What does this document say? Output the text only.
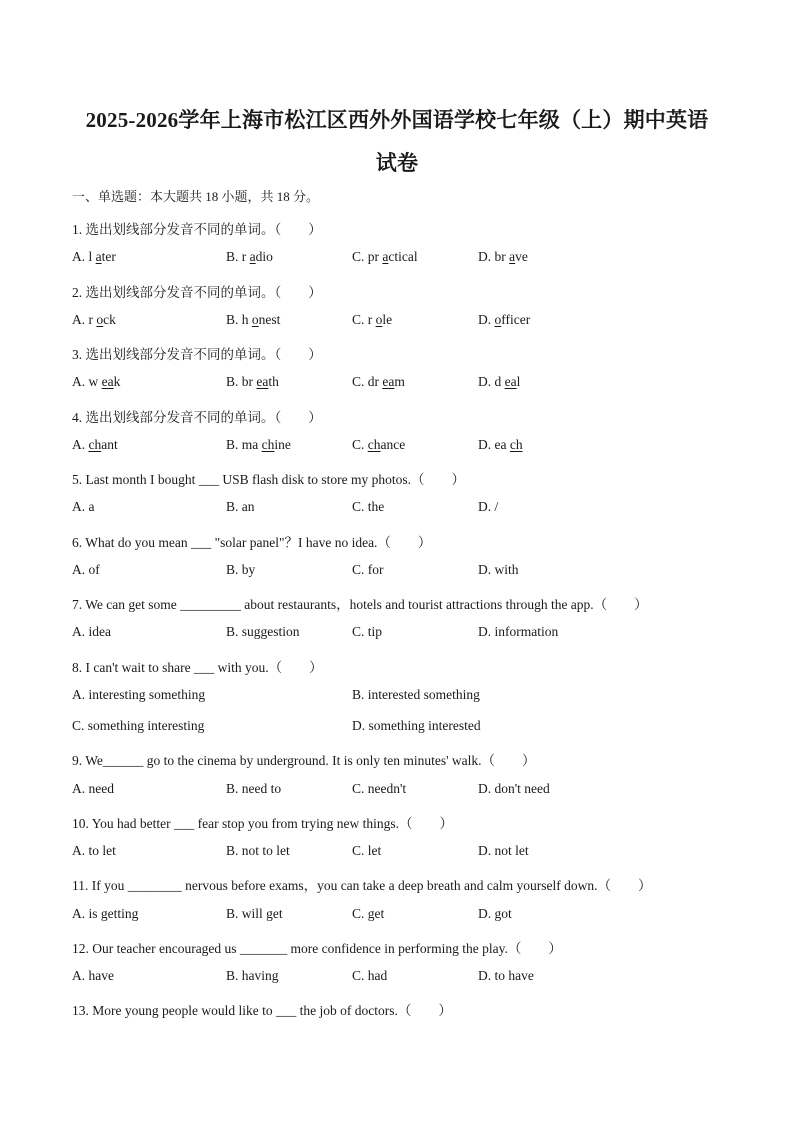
2025-2026学年上海市松江区西外外国语学校七年级（上）期中英语
试卷
一、单选题：本大题共 18 小题，共 18 分。
1. 选出划线部分发音不同的单词。（　　）
A. l ater	B. r adio	C. pr actical	D. br ave
2. 选出划线部分发音不同的单词。（　　）
A. r ock	B. h onest	C. r ole	D. officer
3. 选出划线部分发音不同的单词。（　　）
A. w eak	B. br eath	C. dr eam	D. d eal
4. 选出划线部分发音不同的单词。（　　）
A. chant	B. ma chine	C. chance	D. ea ch
5. Last month I bought ___ USB flash disk to store my photos.（　　）
A. a	B. an	C. the	D. /
6. What do you mean ___ "solar panel"？I have no idea.（　　）
A. of	B. by	C. for	D. with
7. We can get some _________ about restaurants，hotels and tourist attractions through the app.（　　）
A. idea	B. suggestion	C. tip	D. information
8. I can't wait to share ___ with you.（　　）
A. interesting something	B. interested something
C. something interesting	D. something interested
9. We______ go to the cinema by underground. It is only ten minutes' walk.（　　）
A. need	B. need to	C. needn't	D. don't need
10. You had better ___ fear stop you from trying new things.（　　）
A. to let	B. not to let	C. let	D. not let
11. If you ________ nervous before exams，you can take a deep breath and calm yourself down.（　　）
A. is getting	B. will get	C. get	D. got
12. Our teacher encouraged us _______ more confidence in performing the play.（　　）
A. have	B. having	C. had	D. to have
13. More young people would like to ___ the job of doctors.（　　）
